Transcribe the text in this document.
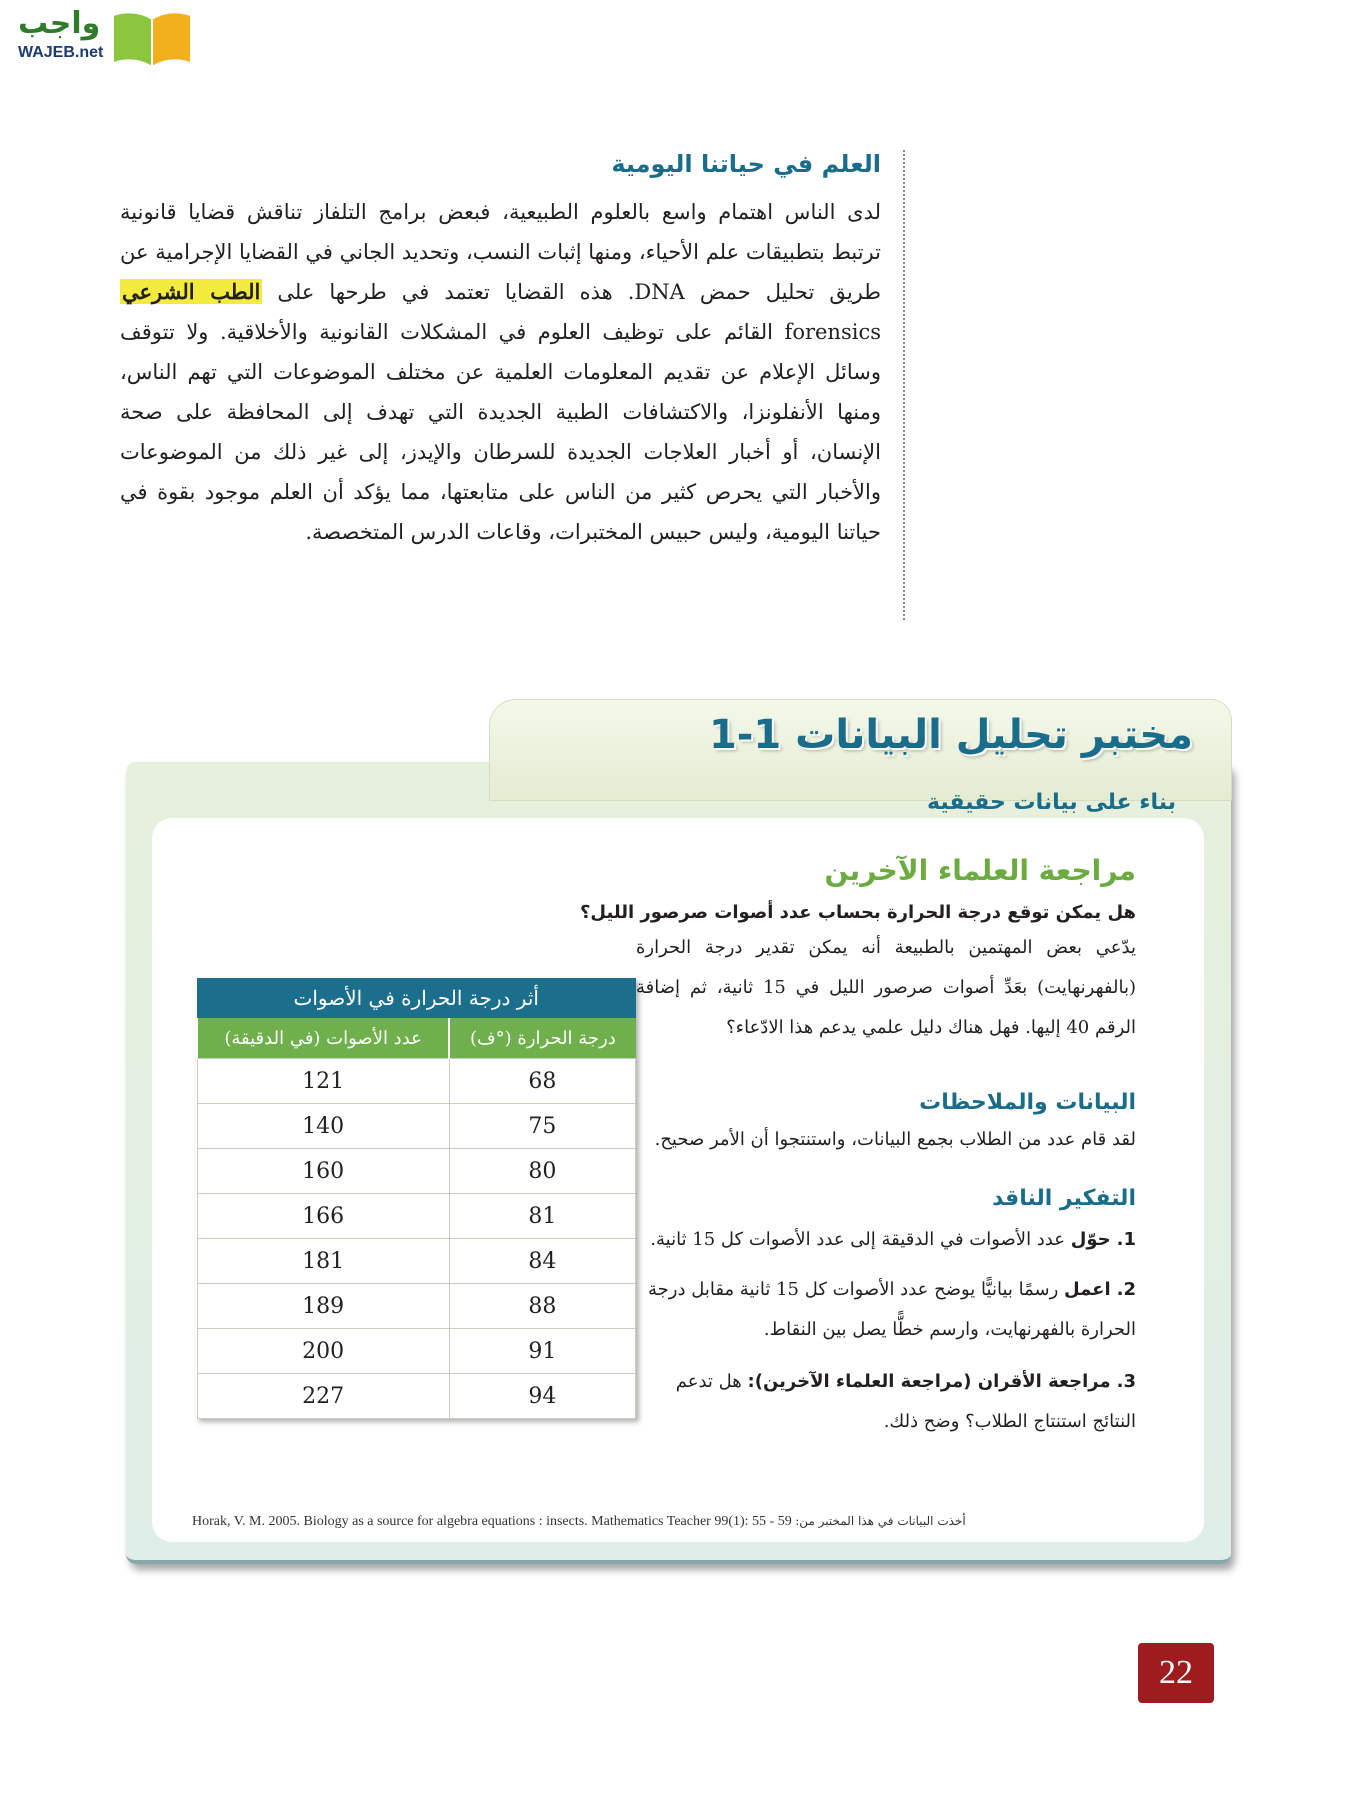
واجب
WAJEB.net
العلم في حياتنا اليومية

لدى الناس اهتمام واسع بالعلوم الطبيعية، فبعض برامج التلفاز تناقش قضايا قانونية ترتبط بتطبيقات علم الأحياء، ومنها إثبات النسب، وتحديد الجاني في القضايا الإجرامية عن طريق تحليل حمض DNA. هذه القضايا تعتمد في طرحها على الطب الشرعي forensics القائم على توظيف العلوم في المشكلات القانونية والأخلاقية. ولا تتوقف وسائل الإعلام عن تقديم المعلومات العلمية عن مختلف الموضوعات التي تهم الناس، ومنها الأنفلونزا، والاكتشافات الطبية الجديدة التي تهدف إلى المحافظة على صحة الإنسان، أو أخبار العلاجات الجديدة للسرطان والإيدز، إلى غير ذلك من الموضوعات والأخبار التي يحرص كثير من الناس على متابعتها، مما يؤكد أن العلم موجود بقوة في حياتنا اليومية، وليس حبيس المختبرات، وقاعات الدرس المتخصصة.

مختبر تحليل البيانات 1-1
بناء على بيانات حقيقية
أثر درجة الحرارة في الأصوات	
عدد الأصوات (في الدقيقة)	درجة الحرارة (°ف)
121	68
140	75
160	80
166	81
181	84
189	88
200	91
227	94
مراجعة العلماء الآخرين
هل يمكن توقع درجة الحرارة بحساب عدد أصوات صرصور الليل؟
يدّعي بعض المهتمين بالطبيعة أنه يمكن تقدير درجة الحرارة (بالفهرنهايت) بعَدِّ أصوات صرصور الليل في 15 ثانية، ثم إضافة الرقم 40 إليها. فهل هناك دليل علمي يدعم هذا الادّعاء؟
البيانات والملاحظات
لقد قام عدد من الطلاب بجمع البيانات، واستنتجوا أن الأمر صحيح.
التفكير الناقد
1.حوّل عدد الأصوات في الدقيقة إلى عدد الأصوات كل 15 ثانية.
2.اعمل رسمًا بيانيًّا يوضح عدد الأصوات كل 15 ثانية مقابل درجة الحرارة بالفهرنهايت، وارسم خطًّا يصل بين النقاط.
3.مراجعة الأقران (مراجعة العلماء الآخرين): هل تدعم النتائج استنتاج الطلاب؟ وضح ذلك.
أخذت البيانات في هذا المختبر من: Horak, V. M. 2005. Biology as a source for algebra equations : insects. Mathematics Teacher 99(1): 55 - 59
22
